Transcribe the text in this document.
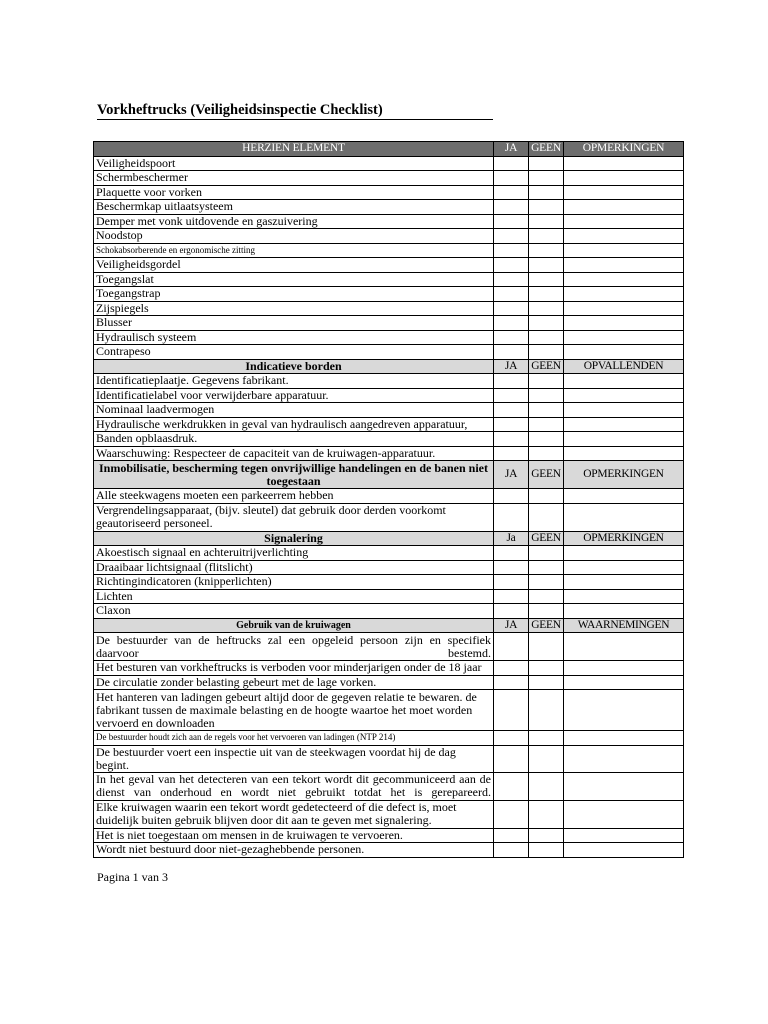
Vorkheftrucks (Veiligheidsinspectie Checklist)
HERZIEN ELEMENT	JA	GEEN	OPMERKINGEN
Veiligheidspoort			
Schermbeschermer			
Plaquette voor vorken			
Beschermkap uitlaatsysteem			
Demper met vonk uitdovende en gaszuivering			
Noodstop			
Schokabsorberende en ergonomische zitting			
Veiligheidsgordel			
Toegangslat			
Toegangstrap			
Zijspiegels			
Blusser			
Hydraulisch systeem			
Contrapeso			
Indicatieve borden	JA	GEEN	OPVALLENDEN
Identificatieplaatje. Gegevens fabrikant.			
Identificatielabel voor verwijderbare apparatuur.			
Nominaal laadvermogen			
Hydraulische werkdrukken in geval van hydraulisch aangedreven apparatuur,			
Banden opblaasdruk.			
Waarschuwing: Respecteer de capaciteit van de kruiwagen-apparatuur.			
Inmobilisatie, bescherming tegen onvrijwillige handelingen en de banen niet toegestaan	JA	GEEN	OPMERKINGEN
Alle steekwagens moeten een parkeerrem hebben			
Vergrendelingsapparaat, (bijv. sleutel) dat gebruik door derden voorkomt geautoriseerd personeel.			
Signalering	Ja	GEEN	OPMERKINGEN
Akoestisch signaal en achteruitrijverlichting			
Draaibaar lichtsignaal (flitslicht)			
Richtingindicatoren (knipperlichten)			
Lichten			
Claxon			
Gebruik van de kruiwagen	JA	GEEN	WAARNEMINGEN
De bestuurder van de heftrucks zal een opgeleid persoon zijn en specifiek daarvoor bestemd.			
Het besturen van vorkheftrucks is verboden voor minderjarigen onder de 18 jaar			
De circulatie zonder belasting gebeurt met de lage vorken.			
Het hanteren van ladingen gebeurt altijd door de gegeven relatie te bewaren. de fabrikant tussen de maximale belasting en de hoogte waartoe het moet worden vervoerd en downloaden			
De bestuurder houdt zich aan de regels voor het vervoeren van ladingen (NTP 214)			
De bestuurder voert een inspectie uit van de steekwagen voordat hij de dag begint.			
In het geval van het detecteren van een tekort wordt dit gecommuniceerd aan de dienst van onderhoud en wordt niet gebruikt totdat het is gerepareerd.			
Elke kruiwagen waarin een tekort wordt gedetecteerd of die defect is, moet duidelijk buiten gebruik blijven door dit aan te geven met signalering.			
Het is niet toegestaan om mensen in de kruiwagen te vervoeren.			
Wordt niet bestuurd door niet-gezaghebbende personen.			
Pagina 1 van 3
